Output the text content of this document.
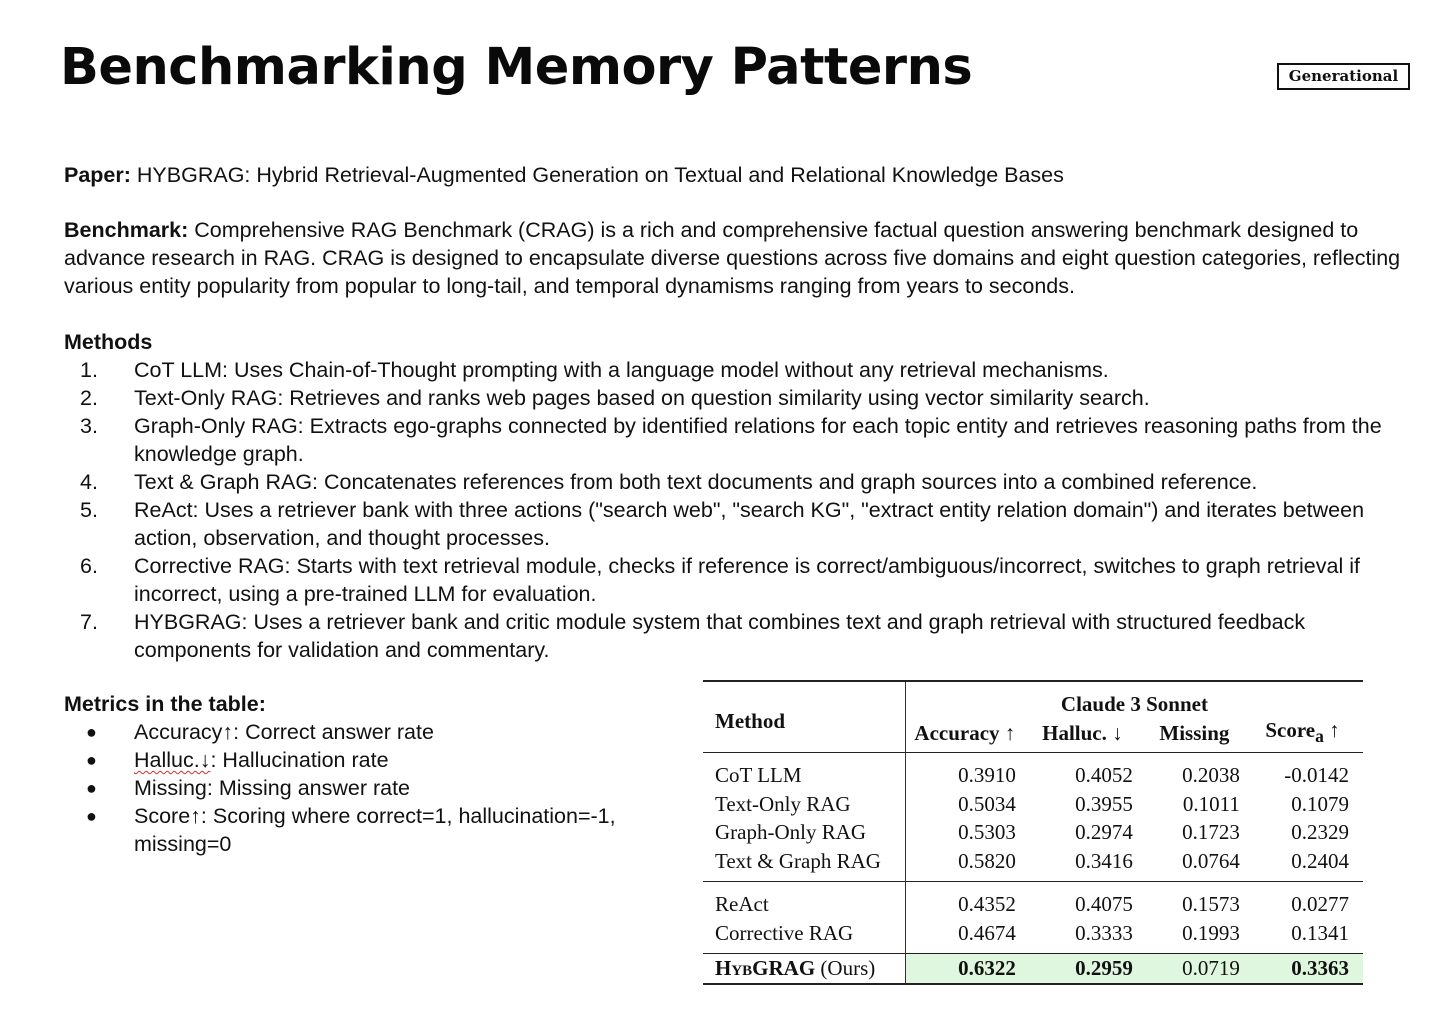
Benchmarking Memory Patterns	Generational

Paper: HYBGRAG: Hybrid Retrieval-Augmented Generation on Textual and Relational Knowledge Bases

Benchmark: Comprehensive RAG Benchmark (CRAG) is a rich and comprehensive factual question answering benchmark designed to advance research in RAG. CRAG is designed to encapsulate diverse questions across five domains and eight question categories, reflecting various entity popularity from popular to long-tail, and temporal dynamisms ranging from years to seconds.

Methods

1. CoT LLM: Uses Chain-of-Thought prompting with a language model without any retrieval mechanisms.
2. Text-Only RAG: Retrieves and ranks web pages based on question similarity using vector similarity search.
3. Graph-Only RAG: Extracts ego-graphs connected by identified relations for each topic entity and retrieves reasoning paths from the knowledge graph.
4. Text & Graph RAG: Concatenates references from both text documents and graph sources into a combined reference.
5. ReAct: Uses a retriever bank with three actions ("search web", "search KG", "extract entity relation domain") and iterates between action, observation, and thought processes.
6. Corrective RAG: Starts with text retrieval module, checks if reference is correct/ambiguous/incorrect, switches to graph retrieval if incorrect, using a pre-trained LLM for evaluation.
7. HYBGRAG: Uses a retriever bank and critic module system that combines text and graph retrieval with structured feedback components for validation and commentary.

Metrics in the table:

● Accuracy↑: Correct answer rate
● Halluc.↓: Hallucination rate
● Missing: Missing answer rate
● Score↑: Scoring where correct=1, hallucination=-1, missing=0
Method	Claude 3 Sonnet			
	Accuracy ↑	Halluc. ↓	Missing	Score$_a$ ↑
CoT LLM	0.3910	0.4052	0.2038	-0.0142
Text-Only RAG	0.5034	0.3955	0.1011	0.1079
Graph-Only RAG	0.5303	0.2974	0.1723	0.2329
Text & Graph RAG	0.5820	0.3416	0.0764	0.2404
ReAct	0.4352	0.4075	0.1573	0.0277
Corrective RAG	0.4674	0.3333	0.1993	0.1341
HybGRAG (Ours)	0.6322	0.2959	0.0719	0.3363
